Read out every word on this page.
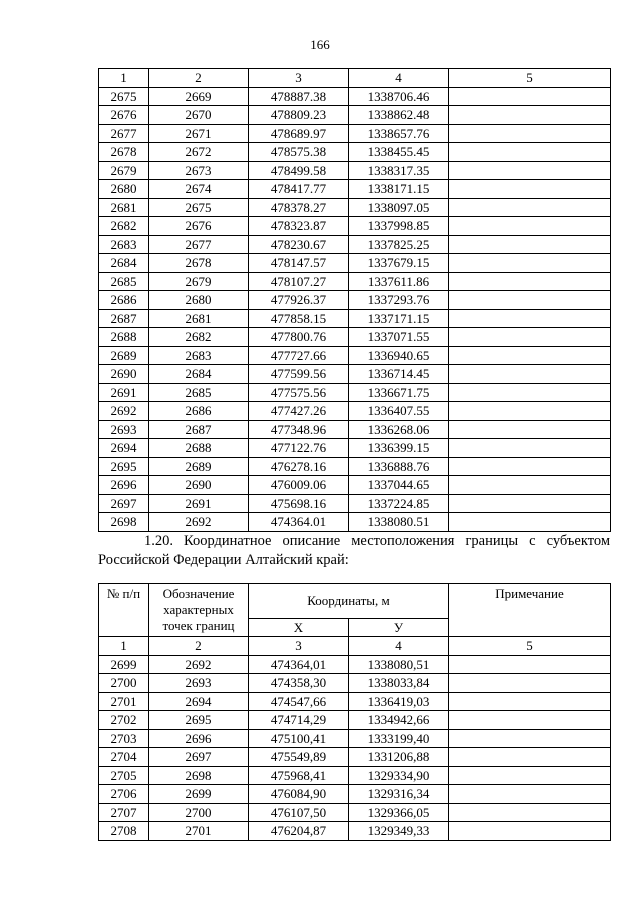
166
1	2	3	4	5
2675	2669	478887.38	1338706.46	
2676	2670	478809.23	1338862.48	
2677	2671	478689.97	1338657.76	
2678	2672	478575.38	1338455.45	
2679	2673	478499.58	1338317.35	
2680	2674	478417.77	1338171.15	
2681	2675	478378.27	1338097.05	
2682	2676	478323.87	1337998.85	
2683	2677	478230.67	1337825.25	
2684	2678	478147.57	1337679.15	
2685	2679	478107.27	1337611.86	
2686	2680	477926.37	1337293.76	
2687	2681	477858.15	1337171.15	
2688	2682	477800.76	1337071.55	
2689	2683	477727.66	1336940.65	
2690	2684	477599.56	1336714.45	
2691	2685	477575.56	1336671.75	
2692	2686	477427.26	1336407.55	
2693	2687	477348.96	1336268.06	
2694	2688	477122.76	1336399.15	
2695	2689	476278.16	1336888.76	
2696	2690	476009.06	1337044.65	
2697	2691	475698.16	1337224.85	
2698	2692	474364.01	1338080.51	
1.20. Координатное описание местоположения границы с субъектом
Российской Федерации Алтайский край:
№ п/п	Обозначение характерных точек границ	Координаты, м		Примечание
		X	У	
1	2	3	4	5
2699	2692	474364,01	1338080,51	
2700	2693	474358,30	1338033,84	
2701	2694	474547,66	1336419,03	
2702	2695	474714,29	1334942,66	
2703	2696	475100,41	1333199,40	
2704	2697	475549,89	1331206,88	
2705	2698	475968,41	1329334,90	
2706	2699	476084,90	1329316,34	
2707	2700	476107,50	1329366,05	
2708	2701	476204,87	1329349,33	
